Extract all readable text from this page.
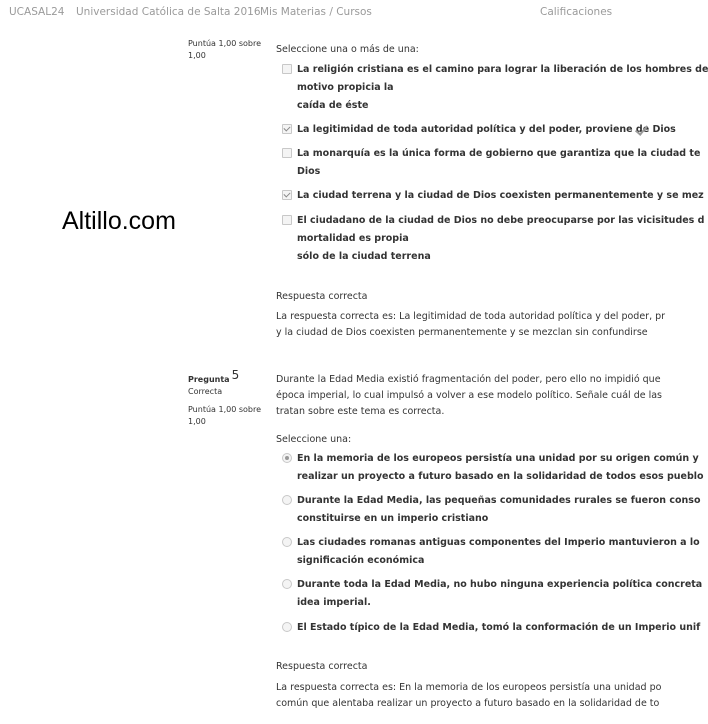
UCASAL24 Universidad Católica de Salta 2016 Mis Materias / Cursos	Calificaciones
Altillo.com
Puntúa 1,00 sobre
1,00
Seleccione una o más de una:
La religión cristiana es el camino para lograr la liberación de los hombres de
motivo propicia la
caída de éste
La legitimidad de toda autoridad política y del poder, proviene de Dios
La monarquía es la única forma de gobierno que garantiza que la ciudad te
Dios
La ciudad terrena y la ciudad de Dios coexisten permanentemente y se mez
El ciudadano de la ciudad de Dios no debe preocuparse por las vicisitudes d
mortalidad es propia
sólo de la ciudad terrena
Respuesta correcta
La respuesta correcta es: La legitimidad de toda autoridad política y del poder, pr
y la ciudad de Dios coexisten permanentemente y se mezclan sin confundirse
Pregunta 5
Correcta
Puntúa 1,00 sobre
1,00
Durante la Edad Media existió fragmentación del poder, pero ello no impidió que
época imperial, lo cual impulsó a volver a ese modelo político. Señale cuál de las
tratan sobre este tema es correcta.
Seleccione una:
En la memoria de los europeos persistía una unidad por su origen común y
realizar un proyecto a futuro basado en la solidaridad de todos esos pueblo
Durante la Edad Media, las pequeñas comunidades rurales se fueron conso
constituirse en un imperio cristiano
Las ciudades romanas antiguas componentes del Imperio mantuvieron a lo
significación económica
Durante toda la Edad Media, no hubo ninguna experiencia política concreta
idea imperial.
El Estado típico de la Edad Media, tomó la conformación de un Imperio unif
Respuesta correcta
La respuesta correcta es: En la memoria de los europeos persistía una unidad po
común que alentaba realizar un proyecto a futuro basado en la solidaridad de to
